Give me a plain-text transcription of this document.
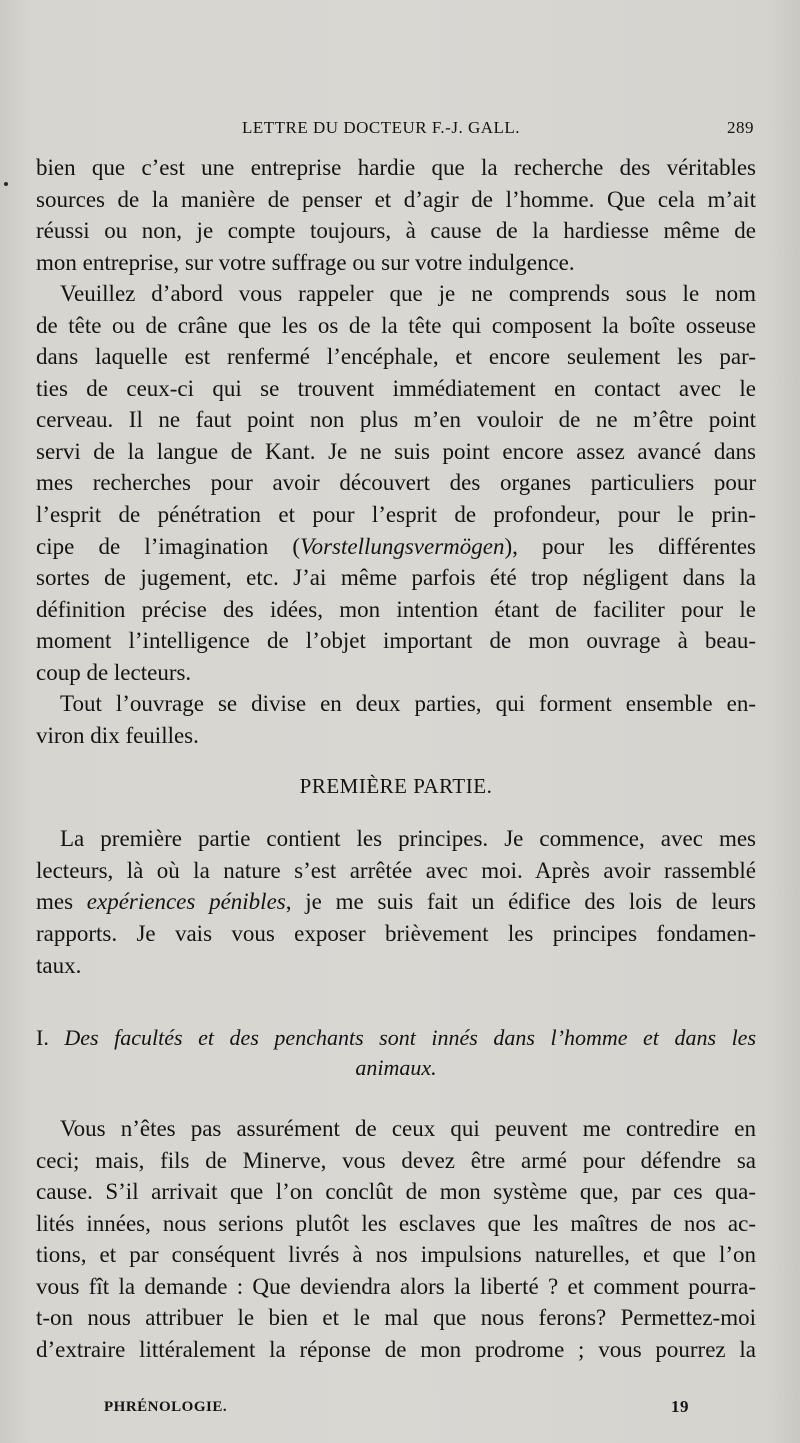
LETTRE DU DOCTEUR F.-J. GALL.	289
bien que c’est une entreprise hardie que la recherche des véritables
sources de la manière de penser et d’agir de l’homme. Que cela m’ait
réussi ou non, je compte toujours, à cause de la hardiesse même de
mon entreprise, sur votre suffrage ou sur votre indulgence.
Veuillez d’abord vous rappeler que je ne comprends sous le nom
de tête ou de crâne que les os de la tête qui composent la boîte osseuse
dans laquelle est renfermé l’encéphale, et encore seulement les par-
ties de ceux-ci qui se trouvent immédiatement en contact avec le
cerveau. Il ne faut point non plus m’en vouloir de ne m’être point
servi de la langue de Kant. Je ne suis point encore assez avancé dans
mes recherches pour avoir découvert des organes particuliers pour
l’esprit de pénétration et pour l’esprit de profondeur, pour le prin-
cipe de l’imagination (Vorstellungsvermögen), pour les différentes
sortes de jugement, etc. J’ai même parfois été trop négligent dans la
définition précise des idées, mon intention étant de faciliter pour le
moment l’intelligence de l’objet important de mon ouvrage à beau-
coup de lecteurs.
Tout l’ouvrage se divise en deux parties, qui forment ensemble en-
viron dix feuilles.
PREMIÈRE PARTIE.
La première partie contient les principes. Je commence, avec mes
lecteurs, là où la nature s’est arrêtée avec moi. Après avoir rassemblé
mes expériences pénibles, je me suis fait un édifice des lois de leurs
rapports. Je vais vous exposer brièvement les principes fondamen-
taux.
I. Des facultés et des penchants sont innés dans l’homme et dans les
animaux.
Vous n’êtes pas assurément de ceux qui peuvent me contredire en
ceci; mais, fils de Minerve, vous devez être armé pour défendre sa
cause. S’il arrivait que l’on conclût de mon système que, par ces qua-
lités innées, nous serions plutôt les esclaves que les maîtres de nos ac-
tions, et par conséquent livrés à nos impulsions naturelles, et que l’on
vous fît la demande : Que deviendra alors la liberté ? et comment pourra-
t-on nous attribuer le bien et le mal que nous ferons? Permettez-moi
d’extraire littéralement la réponse de mon prodrome ; vous pourrez la
PHRÉNOLOGIE.	19
